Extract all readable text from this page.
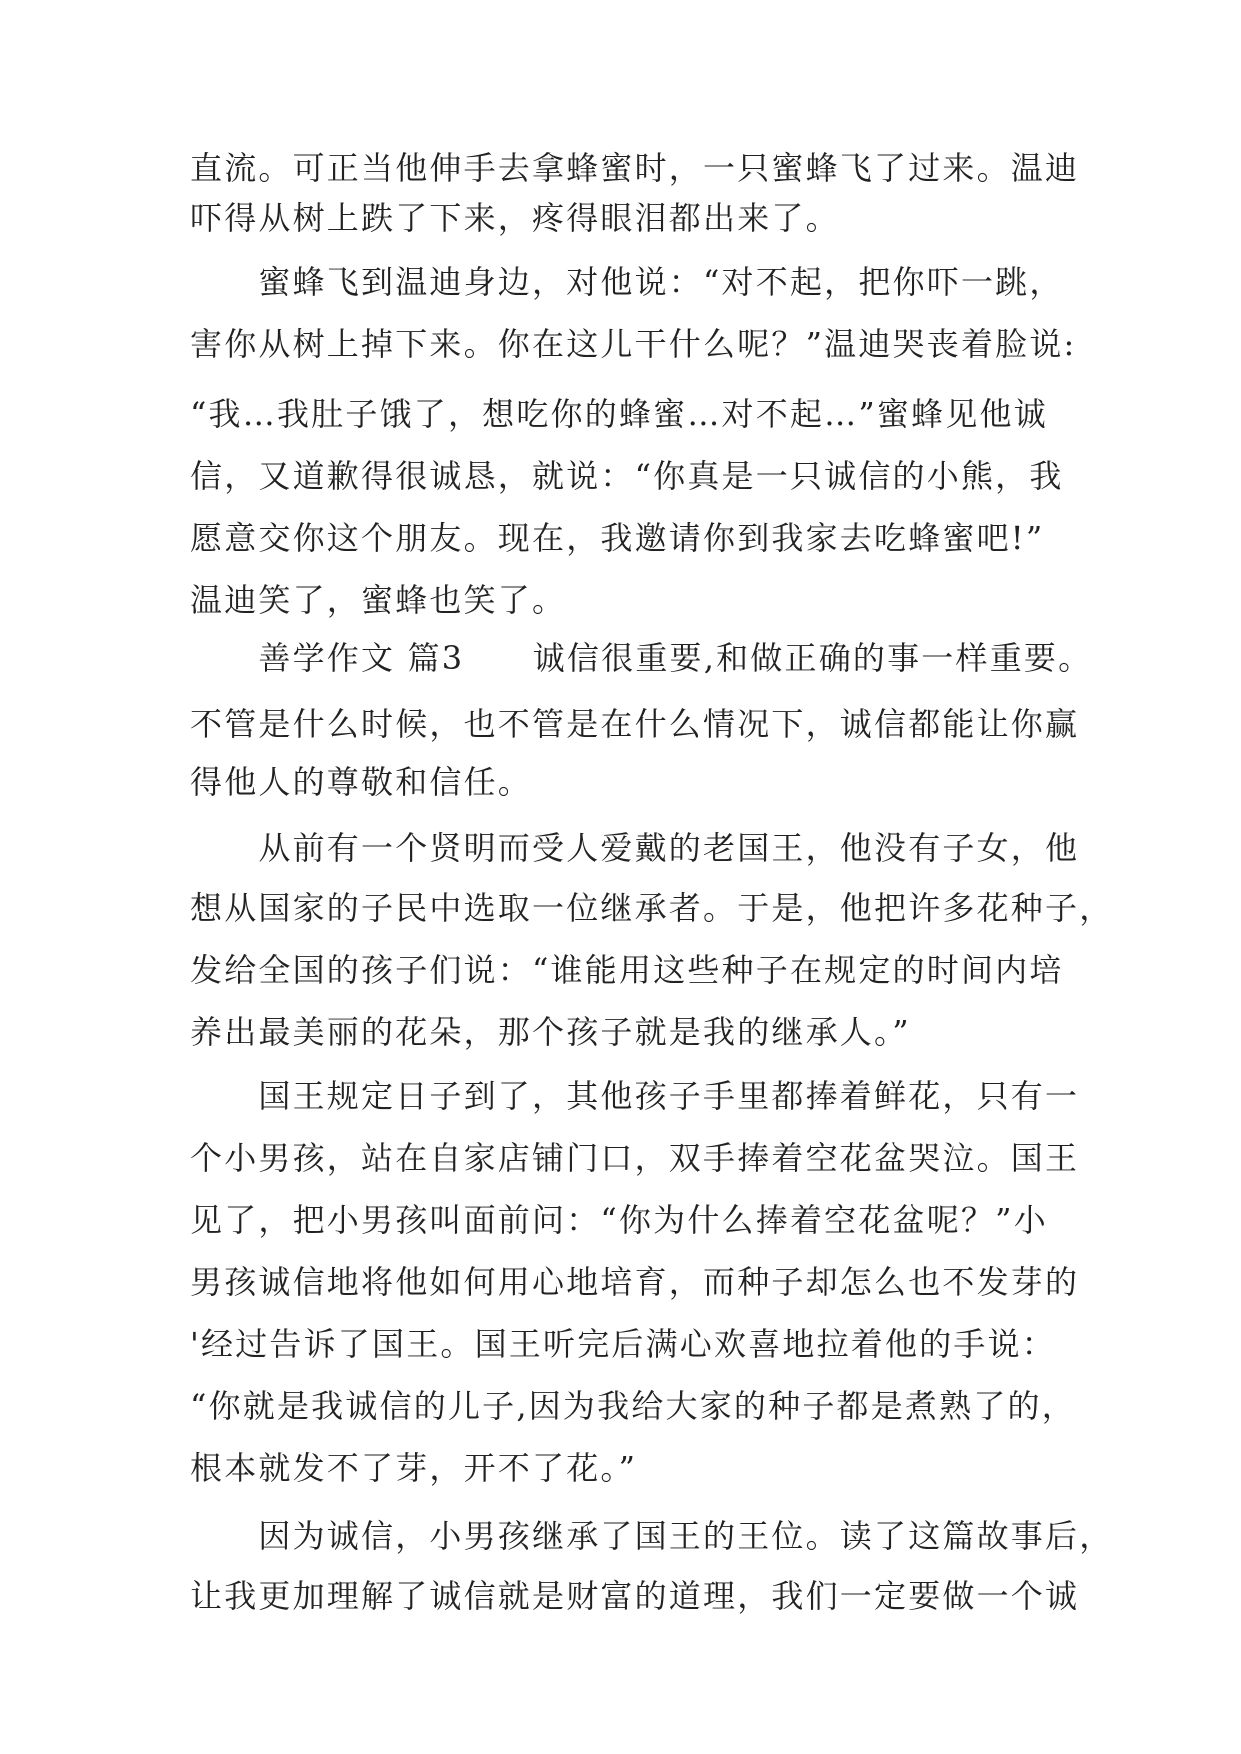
直流。可正当他伸手去拿蜂蜜时，一只蜜蜂飞了过来。温迪
吓得从树上跌了下来，疼得眼泪都出来了。
　　蜜蜂飞到温迪身边，对他说：“对不起，把你吓一跳，
害你从树上掉下来。你在这儿干什么呢？”温迪哭丧着脸说:
“我…我肚子饿了，想吃你的蜂蜜…对不起…”蜜蜂见他诚
信，又道歉得很诚恳，就说：“你真是一只诚信的小熊，我
愿意交你这个朋友。现在，我邀请你到我家去吃蜂蜜吧!”
温迪笑了，蜜蜂也笑了。
　　善学作文 篇3　　诚信很重要,和做正确的事一样重要。
不管是什么时候，也不管是在什么情况下，诚信都能让你赢
得他人的尊敬和信任。
　　从前有一个贤明而受人爱戴的老国王，他没有子女，他
想从国家的子民中选取一位继承者。于是，他把许多花种子，
发给全国的孩子们说：“谁能用这些种子在规定的时间内培
养出最美丽的花朵，那个孩子就是我的继承人。”
　　国王规定日子到了，其他孩子手里都捧着鲜花，只有一
个小男孩，站在自家店铺门口，双手捧着空花盆哭泣。国王
见了，把小男孩叫面前问：“你为什么捧着空花盆呢？”小
男孩诚信地将他如何用心地培育，而种子却怎么也不发芽的
'经过告诉了国王。国王听完后满心欢喜地拉着他的手说：
“你就是我诚信的儿子,因为我给大家的种子都是煮熟了的，
根本就发不了芽，开不了花。”
　　因为诚信，小男孩继承了国王的王位。读了这篇故事后，
让我更加理解了诚信就是财富的道理，我们一定要做一个诚
